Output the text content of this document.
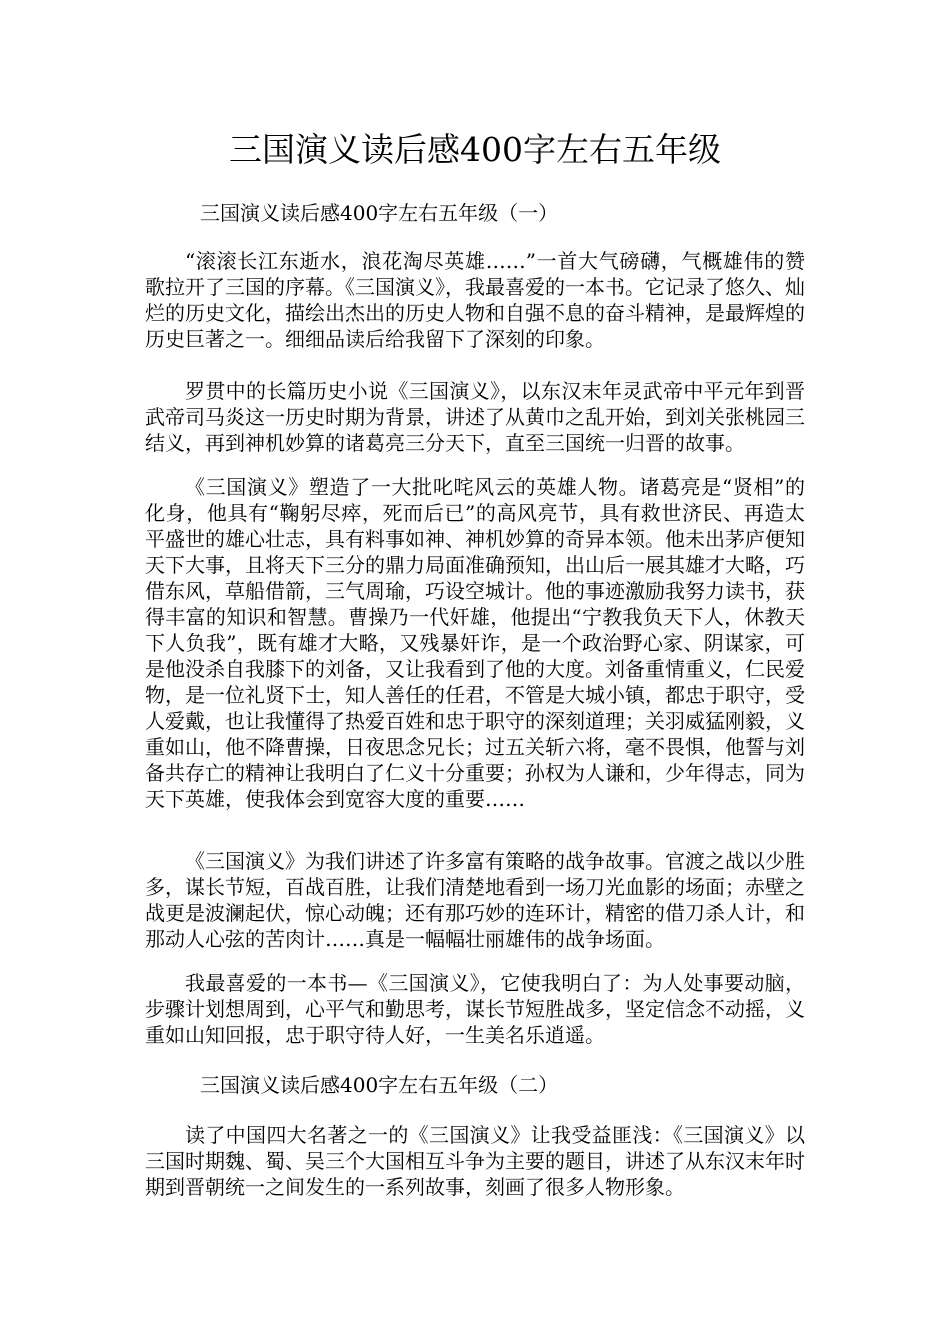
三国演义读后感400字左右五年级
三国演义读后感400字左右五年级（一）

“滚滚长江东逝水，浪花淘尽英雄……”一首大气磅礴，气概雄伟的赞歌拉开了三国的序幕。《三国演义》，我最喜爱的一本书。它记录了悠久、灿烂的历史文化，描绘出杰出的历史人物和自强不息的奋斗精神，是最辉煌的历史巨著之一。细细品读后给我留下了深刻的印象。

罗贯中的长篇历史小说《三国演义》，以东汉末年灵武帝中平元年到晋武帝司马炎这一历史时期为背景，讲述了从黄巾之乱开始，到刘关张桃园三结义，再到神机妙算的诸葛亮三分天下，直至三国统一归晋的故事。

《三国演义》塑造了一大批叱咤风云的英雄人物。诸葛亮是“贤相”的化身，他具有“鞠躬尽瘁，死而后已”的高风亮节，具有救世济民、再造太平盛世的雄心壮志，具有料事如神、神机妙算的奇异本领。他未出茅庐便知天下大事，且将天下三分的鼎力局面准确预知，出山后一展其雄才大略，巧借东风，草船借箭，三气周瑜，巧设空城计。他的事迹激励我努力读书，获得丰富的知识和智慧。曹操乃一代奸雄，他提出“宁教我负天下人，休教天下人负我”，既有雄才大略，又残暴奸诈，是一个政治野心家、阴谋家，可是他没杀自我膝下的刘备，又让我看到了他的大度。刘备重情重义，仁民爱物，是一位礼贤下士，知人善任的任君，不管是大城小镇，都忠于职守，受人爱戴，也让我懂得了热爱百姓和忠于职守的深刻道理；关羽威猛刚毅，义重如山，他不降曹操，日夜思念兄长；过五关斩六将，毫不畏惧，他誓与刘备共存亡的精神让我明白了仁义十分重要；孙权为人谦和，少年得志，同为天下英雄，使我体会到宽容大度的重要……

《三国演义》为我们讲述了许多富有策略的战争故事。官渡之战以少胜多，谋长节短，百战百胜，让我们清楚地看到一场刀光血影的场面；赤壁之战更是波澜起伏，惊心动魄；还有那巧妙的连环计，精密的借刀杀人计，和那动人心弦的苦肉计……真是一幅幅壮丽雄伟的战争场面。

我最喜爱的一本书—《三国演义》，它使我明白了：为人处事要动脑，步骤计划想周到，心平气和勤思考，谋长节短胜战多，坚定信念不动摇，义重如山知回报，忠于职守待人好，一生美名乐逍遥。

三国演义读后感400字左右五年级（二）

读了中国四大名著之一的《三国演义》让我受益匪浅：《三国演义》以三国时期魏、蜀、吴三个大国相互斗争为主要的题目，讲述了从东汉末年时期到晋朝统一之间发生的一系列故事，刻画了很多人物形象。
